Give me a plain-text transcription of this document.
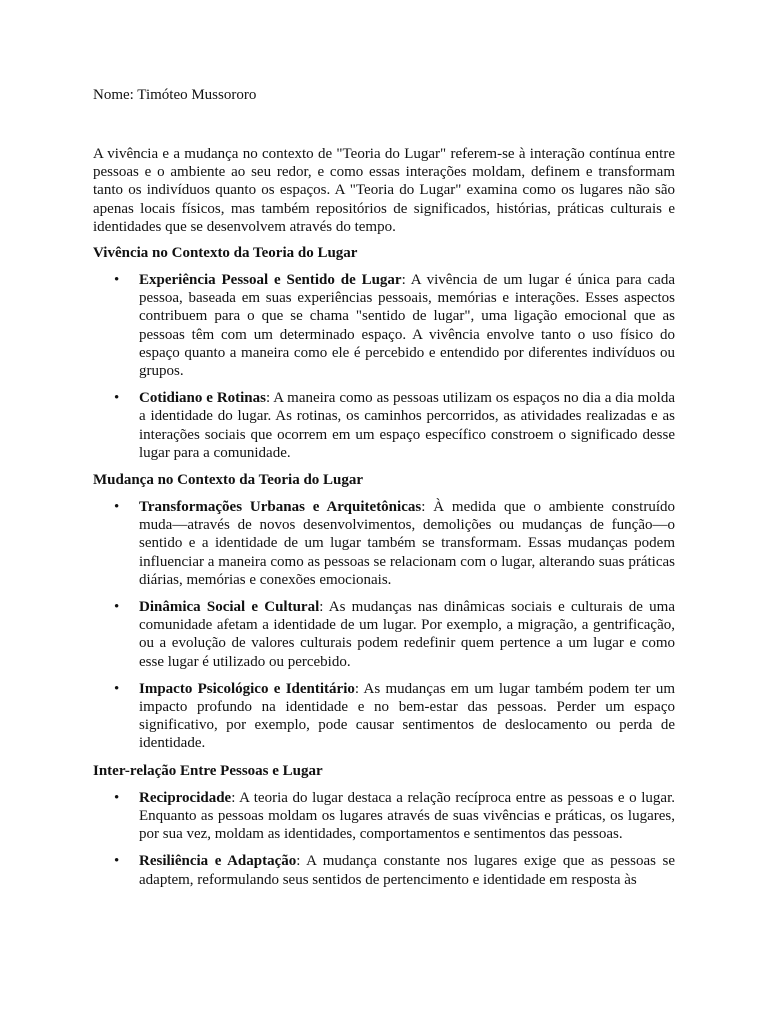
Nome: Timóteo Mussororo

A vivência e a mudança no contexto de "Teoria do Lugar" referem-se à interação contínua entre pessoas e o ambiente ao seu redor, e como essas interações moldam, definem e transformam tanto os indivíduos quanto os espaços. A "Teoria do Lugar" examina como os lugares não são apenas locais físicos, mas também repositórios de significados, histórias, práticas culturais e identidades que se desenvolvem através do tempo.

Vivência no Contexto da Teoria do Lugar

• Experiência Pessoal e Sentido de Lugar: A vivência de um lugar é única para cada pessoa, baseada em suas experiências pessoais, memórias e interações. Esses aspectos contribuem para o que se chama "sentido de lugar", uma ligação emocional que as pessoas têm com um determinado espaço. A vivência envolve tanto o uso físico do espaço quanto a maneira como ele é percebido e entendido por diferentes indivíduos ou grupos.
• Cotidiano e Rotinas: A maneira como as pessoas utilizam os espaços no dia a dia molda a identidade do lugar. As rotinas, os caminhos percorridos, as atividades realizadas e as interações sociais que ocorrem em um espaço específico constroem o significado desse lugar para a comunidade.

Mudança no Contexto da Teoria do Lugar

• Transformações Urbanas e Arquitetônicas: À medida que o ambiente construído muda—através de novos desenvolvimentos, demolições ou mudanças de função—o sentido e a identidade de um lugar também se transformam. Essas mudanças podem influenciar a maneira como as pessoas se relacionam com o lugar, alterando suas práticas diárias, memórias e conexões emocionais.
• Dinâmica Social e Cultural: As mudanças nas dinâmicas sociais e culturais de uma comunidade afetam a identidade de um lugar. Por exemplo, a migração, a gentrificação, ou a evolução de valores culturais podem redefinir quem pertence a um lugar e como esse lugar é utilizado ou percebido.
• Impacto Psicológico e Identitário: As mudanças em um lugar também podem ter um impacto profundo na identidade e no bem-estar das pessoas. Perder um espaço significativo, por exemplo, pode causar sentimentos de deslocamento ou perda de identidade.

Inter-relação Entre Pessoas e Lugar

• Reciprocidade: A teoria do lugar destaca a relação recíproca entre as pessoas e o lugar. Enquanto as pessoas moldam os lugares através de suas vivências e práticas, os lugares, por sua vez, moldam as identidades, comportamentos e sentimentos das pessoas.
• Resiliência e Adaptação: A mudança constante nos lugares exige que as pessoas se adaptem, reformulando seus sentidos de pertencimento e identidade em resposta às
